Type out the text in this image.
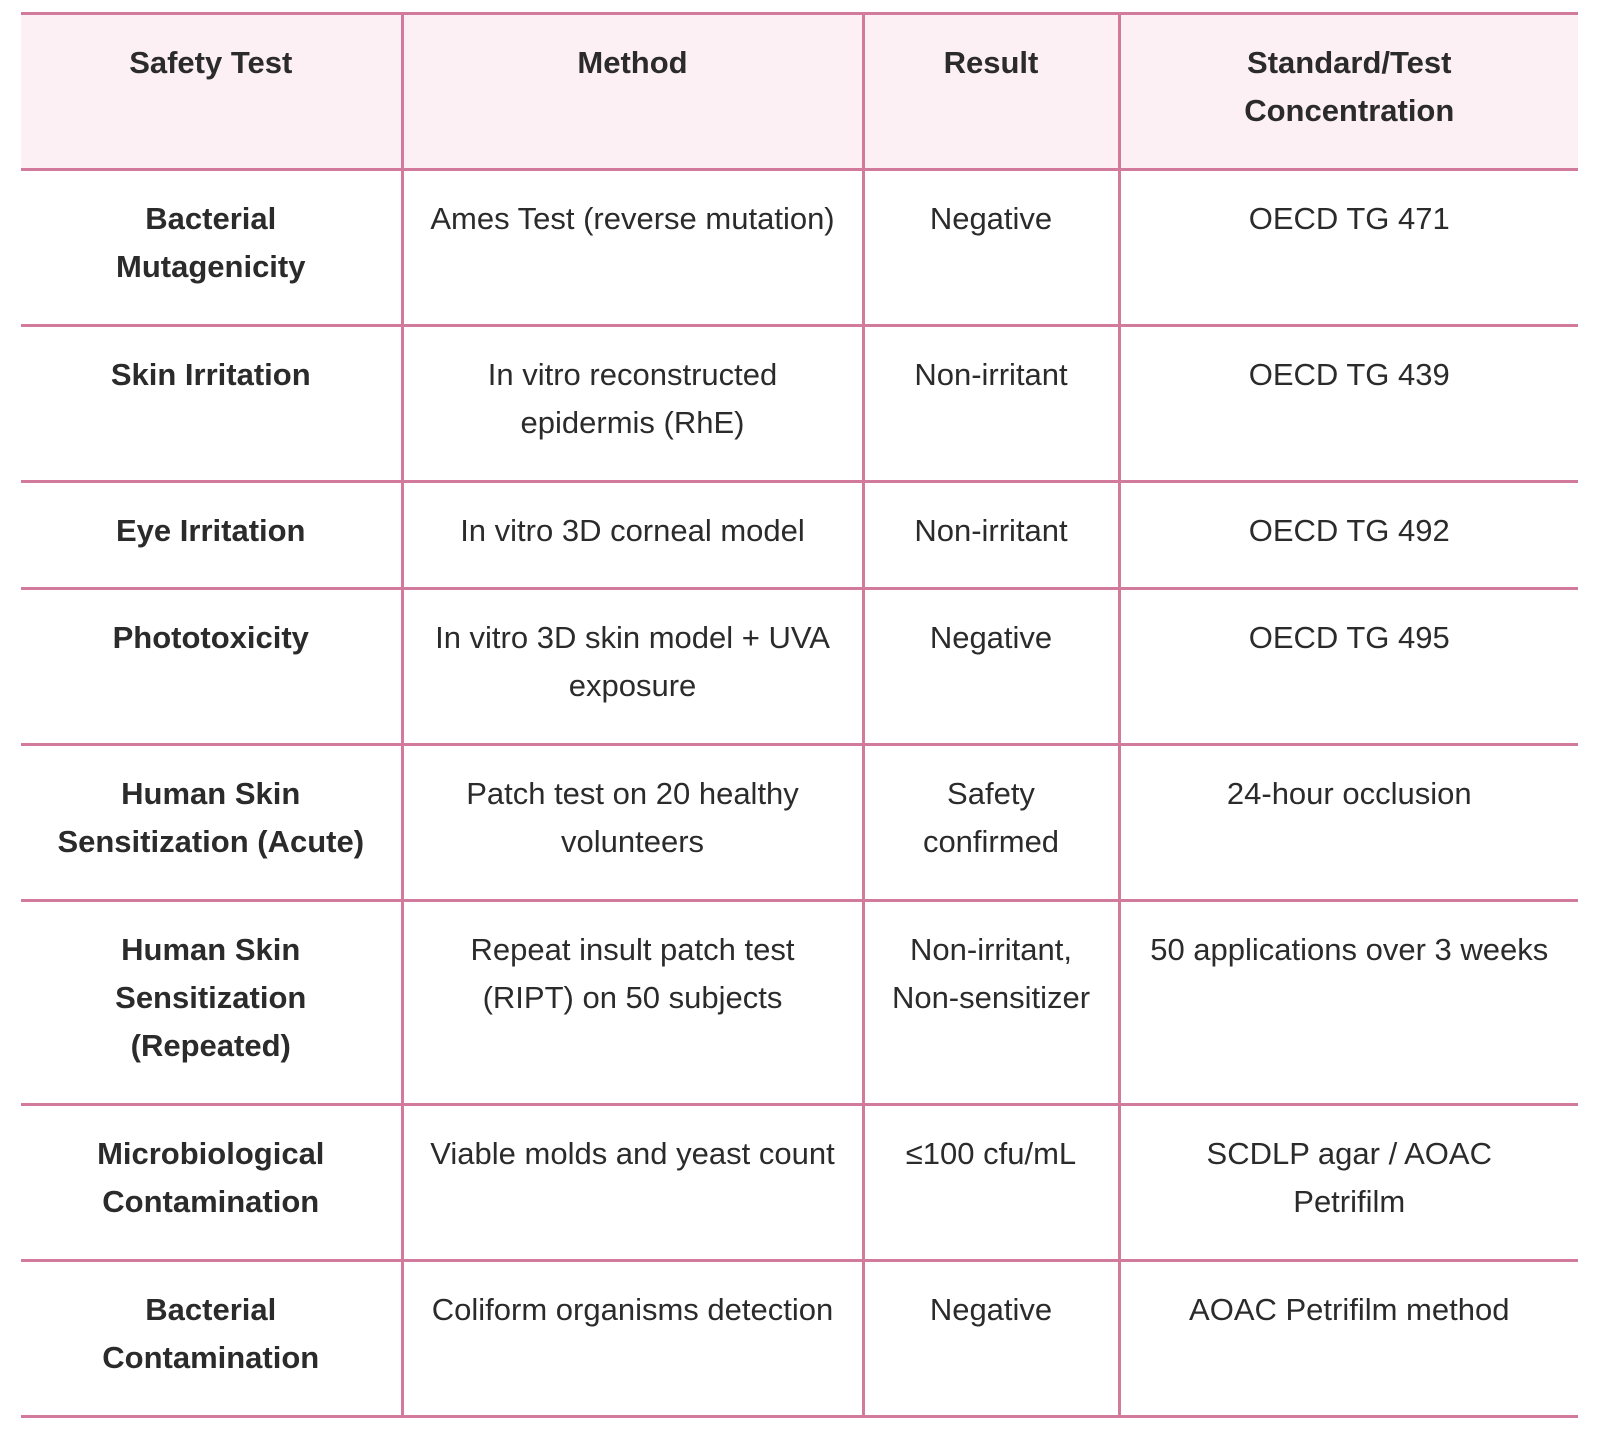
Safety Test	Method	Result	Standard/Test Concentration
Bacterial Mutagenicity	Ames Test (reverse mutation)	Negative	OECD TG 471
Skin Irritation	In vitro reconstructed epidermis (RhE)	Non-irritant	OECD TG 439
Eye Irritation	In vitro 3D corneal model	Non-irritant	OECD TG 492
Phototoxicity	In vitro 3D skin model + UVA exposure	Negative	OECD TG 495
Human Skin Sensitization (Acute)	Patch test on 20 healthy volunteers	Safety confirmed	24-hour occlusion
Human Skin Sensitization (Repeated)	Repeat insult patch test (RIPT) on 50 subjects	Non-irritant, Non-sensitizer	50 applications over 3 weeks
Microbiological Contamination	Viable molds and yeast count	≤100 cfu/mL	SCDLP agar / AOAC Petrifilm
Bacterial Contamination	Coliform organisms detection	Negative	AOAC Petrifilm method
